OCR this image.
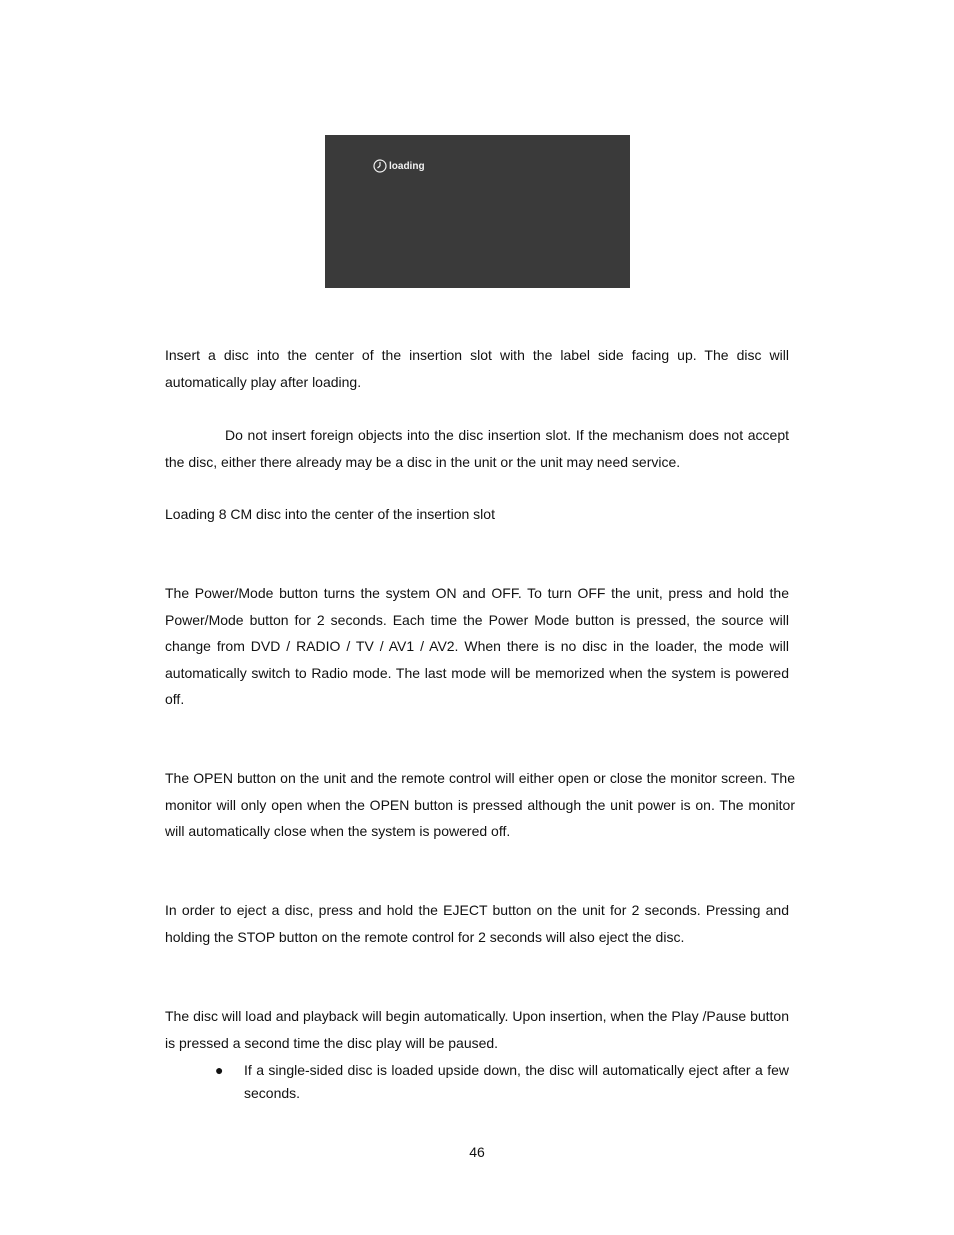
loading

Insert a disc into the center of the insertion slot with the label side facing up. The disc will automatically play after loading.

Do not insert foreign objects into the disc insertion slot. If the mechanism does not accept the disc, either there already may be a disc in the unit or the unit may need service.

Loading 8 CM disc into the center of the insertion slot

The Power/Mode button turns the system ON and OFF. To turn OFF the unit, press and hold the Power/Mode button for 2 seconds. Each time the Power Mode button is pressed, the source will change from DVD / RADIO / TV / AV1 / AV2. When there is no disc in the loader, the mode will automatically switch to Radio mode. The last mode will be memorized when the system is powered off.

The OPEN button on the unit and the remote control will either open or close the monitor screen. The monitor will only open when the OPEN button is pressed although the unit power is on. The monitor will automatically close when the system is powered off.

In order to eject a disc, press and hold the EJECT button on the unit for 2 seconds. Pressing and holding the STOP button on the remote control for 2 seconds will also eject the disc.

The disc will load and playback will begin automatically. Upon insertion, when the Play /Pause button is pressed a second time the disc play will be paused.

●	If a single-sided disc is loaded upside down, the disc will automatically eject after a few seconds.

46
